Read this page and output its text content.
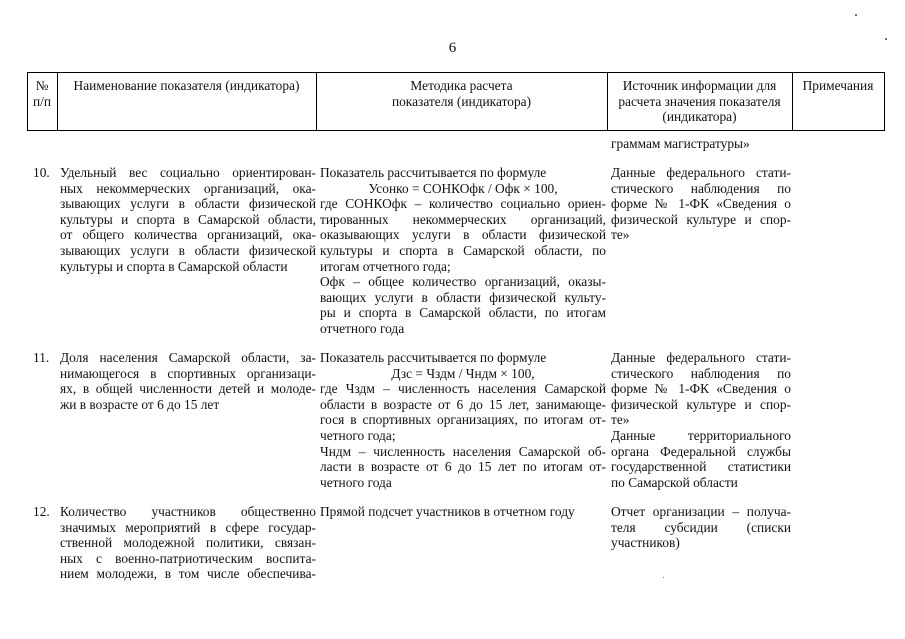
6
№
п/п
Наименование показателя (индикатора)	Методика расчета
показателя (индикатора)
Источник информации для
расчета значения показателя
(индикатора)
Примечания
граммам магистратуры»
10. Удельный вес социально ориентирован-
ных некоммерческих организаций, ока-
зывающих услуги в области физической
культуры и спорта в Самарской области,
от общего количества организаций, ока-
зывающих услуги в области физической
культуры и спорта в Самарской области
Показатель рассчитывается по формуле
Усонко = СОНКОфк / Офк × 100,
где СОНКОфк – количество социально ориен-
тированных некоммерческих организаций,
оказывающих услуги в области физической
культуры и спорта в Самарской области, по
итогам отчетного года;
Офк – общее количество организаций, оказы-
вающих услуги в области физической культу-
ры и спорта в Самарской области, по итогам
отчетного года
Данные федерального стати-
стического наблюдения по
форме № 1-ФК «Сведения о
физической культуре и спор-
те»
11. Доля населения Самарской области, за-
нимающегося в спортивных организаци-
ях, в общей численности детей и молоде-
жи в возрасте от 6 до 15 лет
Показатель рассчитывается по формуле
Дзс = Чздм / Чндм × 100,
где Чздм – численность населения Самарской
области в возрасте от 6 до 15 лет, занимающе-
гося в спортивных организациях, по итогам от-
четного года;
Чндм – численность населения Самарской об-
ласти в возрасте от 6 до 15 лет по итогам от-
четного года
Данные федерального стати-
стического наблюдения по
форме № 1-ФК «Сведения о
физической культуре и спор-
те»
Данные территориального
органа Федеральной службы
государственной статистики
по Самарской области
12. Количество участников общественно
значимых мероприятий в сфере государ-
ственной молодежной политики, связан-
ных с военно-патриотическим воспита-
нием молодежи, в том числе обеспечива-
Прямой подсчет участников в отчетном году	Отчет организации – получа-
теля субсидии (списки
участников)
